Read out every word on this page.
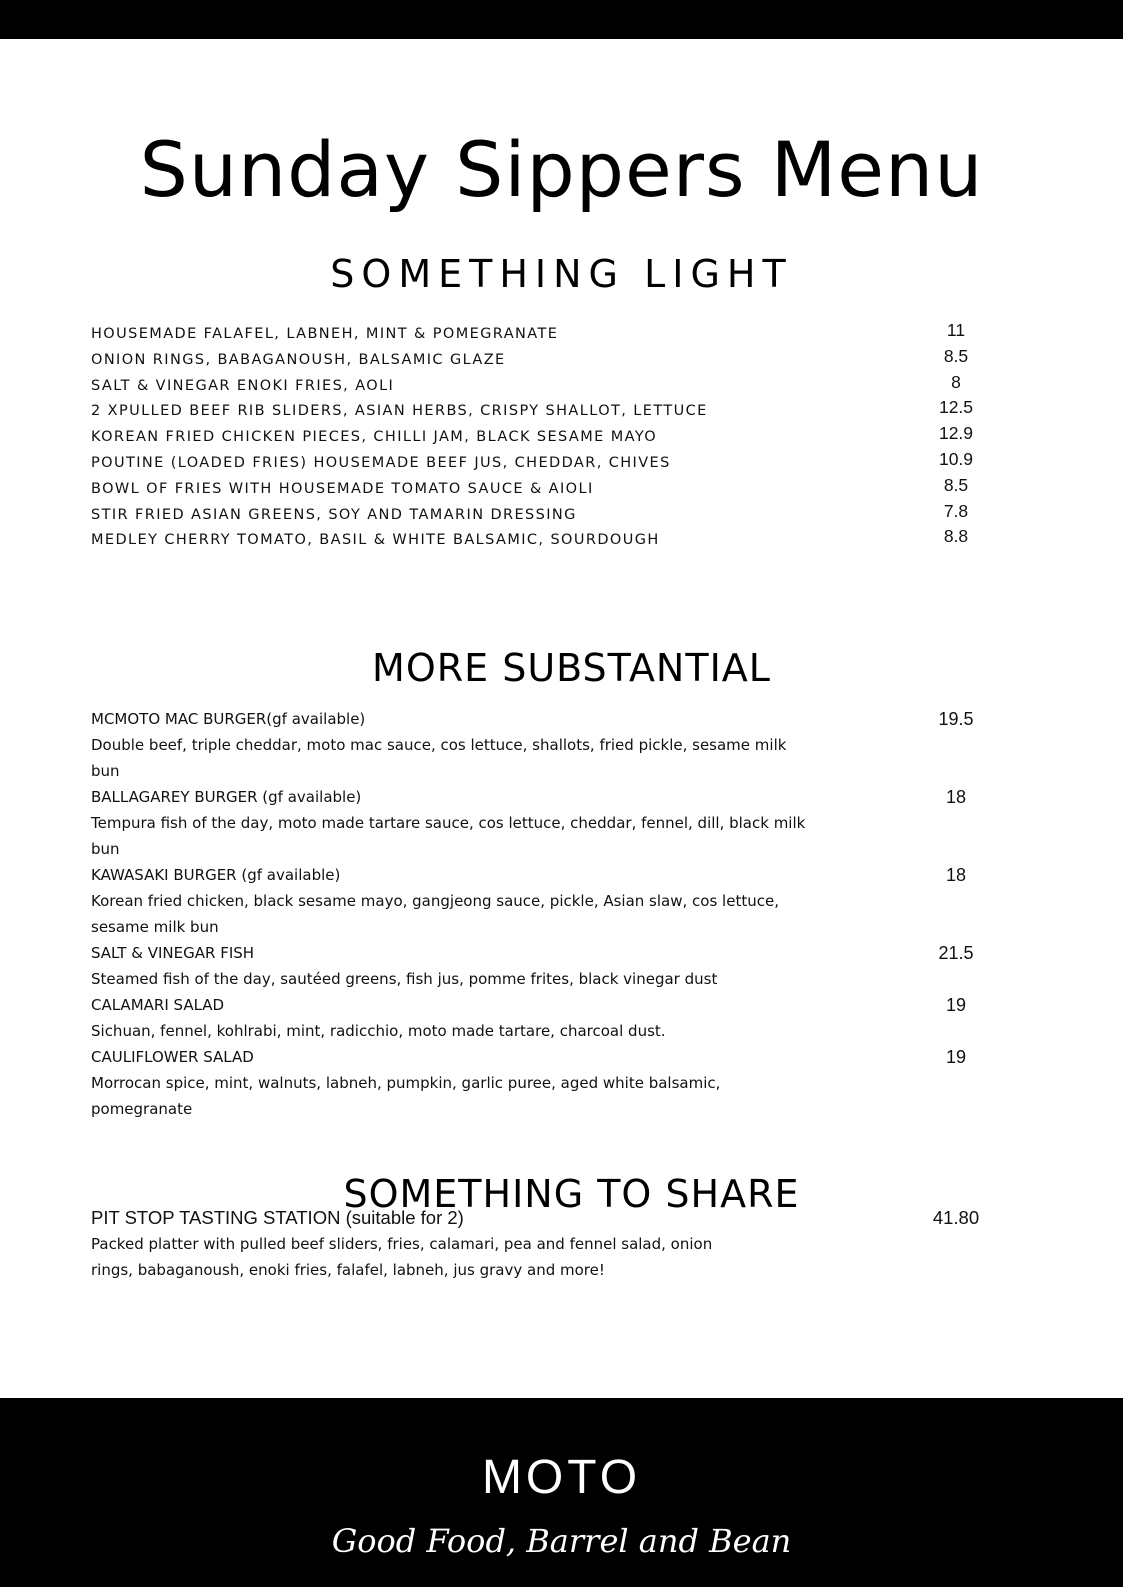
Sunday Sippers Menu
SOMETHING LIGHT
HOUSEMADE FALAFEL, LABNEH, MINT & POMEGRANATE	11
ONION RINGS, BABAGANOUSH, BALSAMIC GLAZE	8.5
SALT & VINEGAR ENOKI FRIES, AOLI	8
2 XPULLED BEEF RIB SLIDERS, ASIAN HERBS, CRISPY SHALLOT, LETTUCE	12.5
KOREAN FRIED CHICKEN PIECES, CHILLI JAM, BLACK SESAME MAYO	12.9
POUTINE (LOADED FRIES) HOUSEMADE BEEF JUS, CHEDDAR, CHIVES	10.9
BOWL OF FRIES WITH HOUSEMADE TOMATO SAUCE & AIOLI	8.5
STIR FRIED ASIAN GREENS, SOY AND TAMARIN DRESSING	7.8
MEDLEY CHERRY TOMATO, BASIL & WHITE BALSAMIC, SOURDOUGH	8.8
MORE SUBSTANTIAL
MCMOTO MAC BURGER(gf available)	19.5
Double beef, triple cheddar, moto mac sauce, cos lettuce, shallots, fried pickle, sesame milk bun
BALLAGAREY BURGER (gf available)	18
Tempura fish of the day, moto made tartare sauce, cos lettuce, cheddar, fennel, dill, black milk bun
KAWASAKI BURGER (gf available)	18
Korean fried chicken, black sesame mayo, gangjeong sauce, pickle, Asian slaw, cos lettuce, sesame milk bun
SALT & VINEGAR FISH	21.5
Steamed fish of the day, sautéed greens, fish jus, pomme frites, black vinegar dust
CALAMARI SALAD	19
Sichuan, fennel, kohlrabi, mint, radicchio, moto made tartare, charcoal dust.
CAULIFLOWER SALAD	19
Morrocan spice, mint, walnuts, labneh, pumpkin, garlic puree, aged white balsamic, pomegranate
SOMETHING TO SHARE
PIT STOP TASTING STATION (suitable for 2)	41.80
Packed platter with pulled beef sliders, fries, calamari, pea and fennel salad, onion rings, babaganoush, enoki fries, falafel, labneh, jus gravy and more!
MOTO
Good Food, Barrel and Bean
